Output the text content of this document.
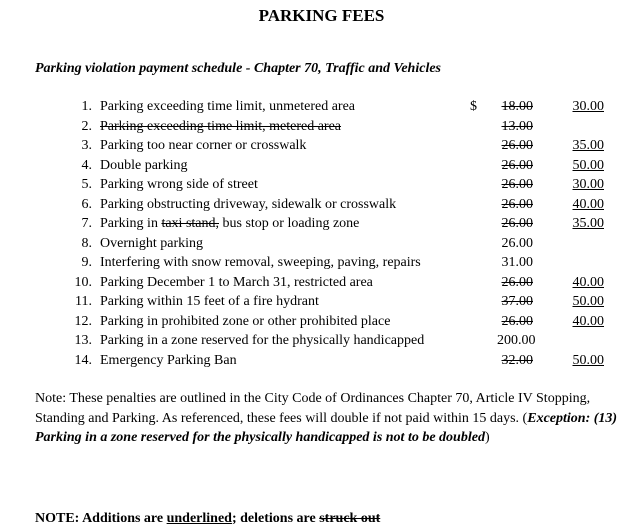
PARKING FEES
Parking violation payment schedule - Chapter 70, Traffic and Vehicles
1. Parking exceeding time limit, unmetered area	$	18.00	30.00
2. Parking exceeding time limit, metered area	13.00
3. Parking too near corner or crosswalk	26.00	35.00
4. Double parking	26.00	50.00
5. Parking wrong side of street	26.00	30.00
6. Parking obstructing driveway, sidewalk or crosswalk	26.00	40.00
7. Parking in taxi stand, bus stop or loading zone	26.00	35.00
8. Overnight parking	26.00
9. Interfering with snow removal, sweeping, paving, repairs	31.00
10. Parking December 1 to March 31, restricted area	26.00	40.00
11. Parking within 15 feet of a fire hydrant	37.00	50.00
12. Parking in prohibited zone or other prohibited place	26.00	40.00
13. Parking in a zone reserved for the physically handicapped	200.00
14. Emergency Parking Ban	32.00	50.00
Note: These penalties are outlined in the City Code of Ordinances Chapter 70, Article IV Stopping, Standing and Parking. As referenced, these fees will double if not paid within 15 days. (Exception: (13) Parking in a zone reserved for the physically handicapped is not to be doubled)
NOTE: Additions are underlined; deletions are struck out
